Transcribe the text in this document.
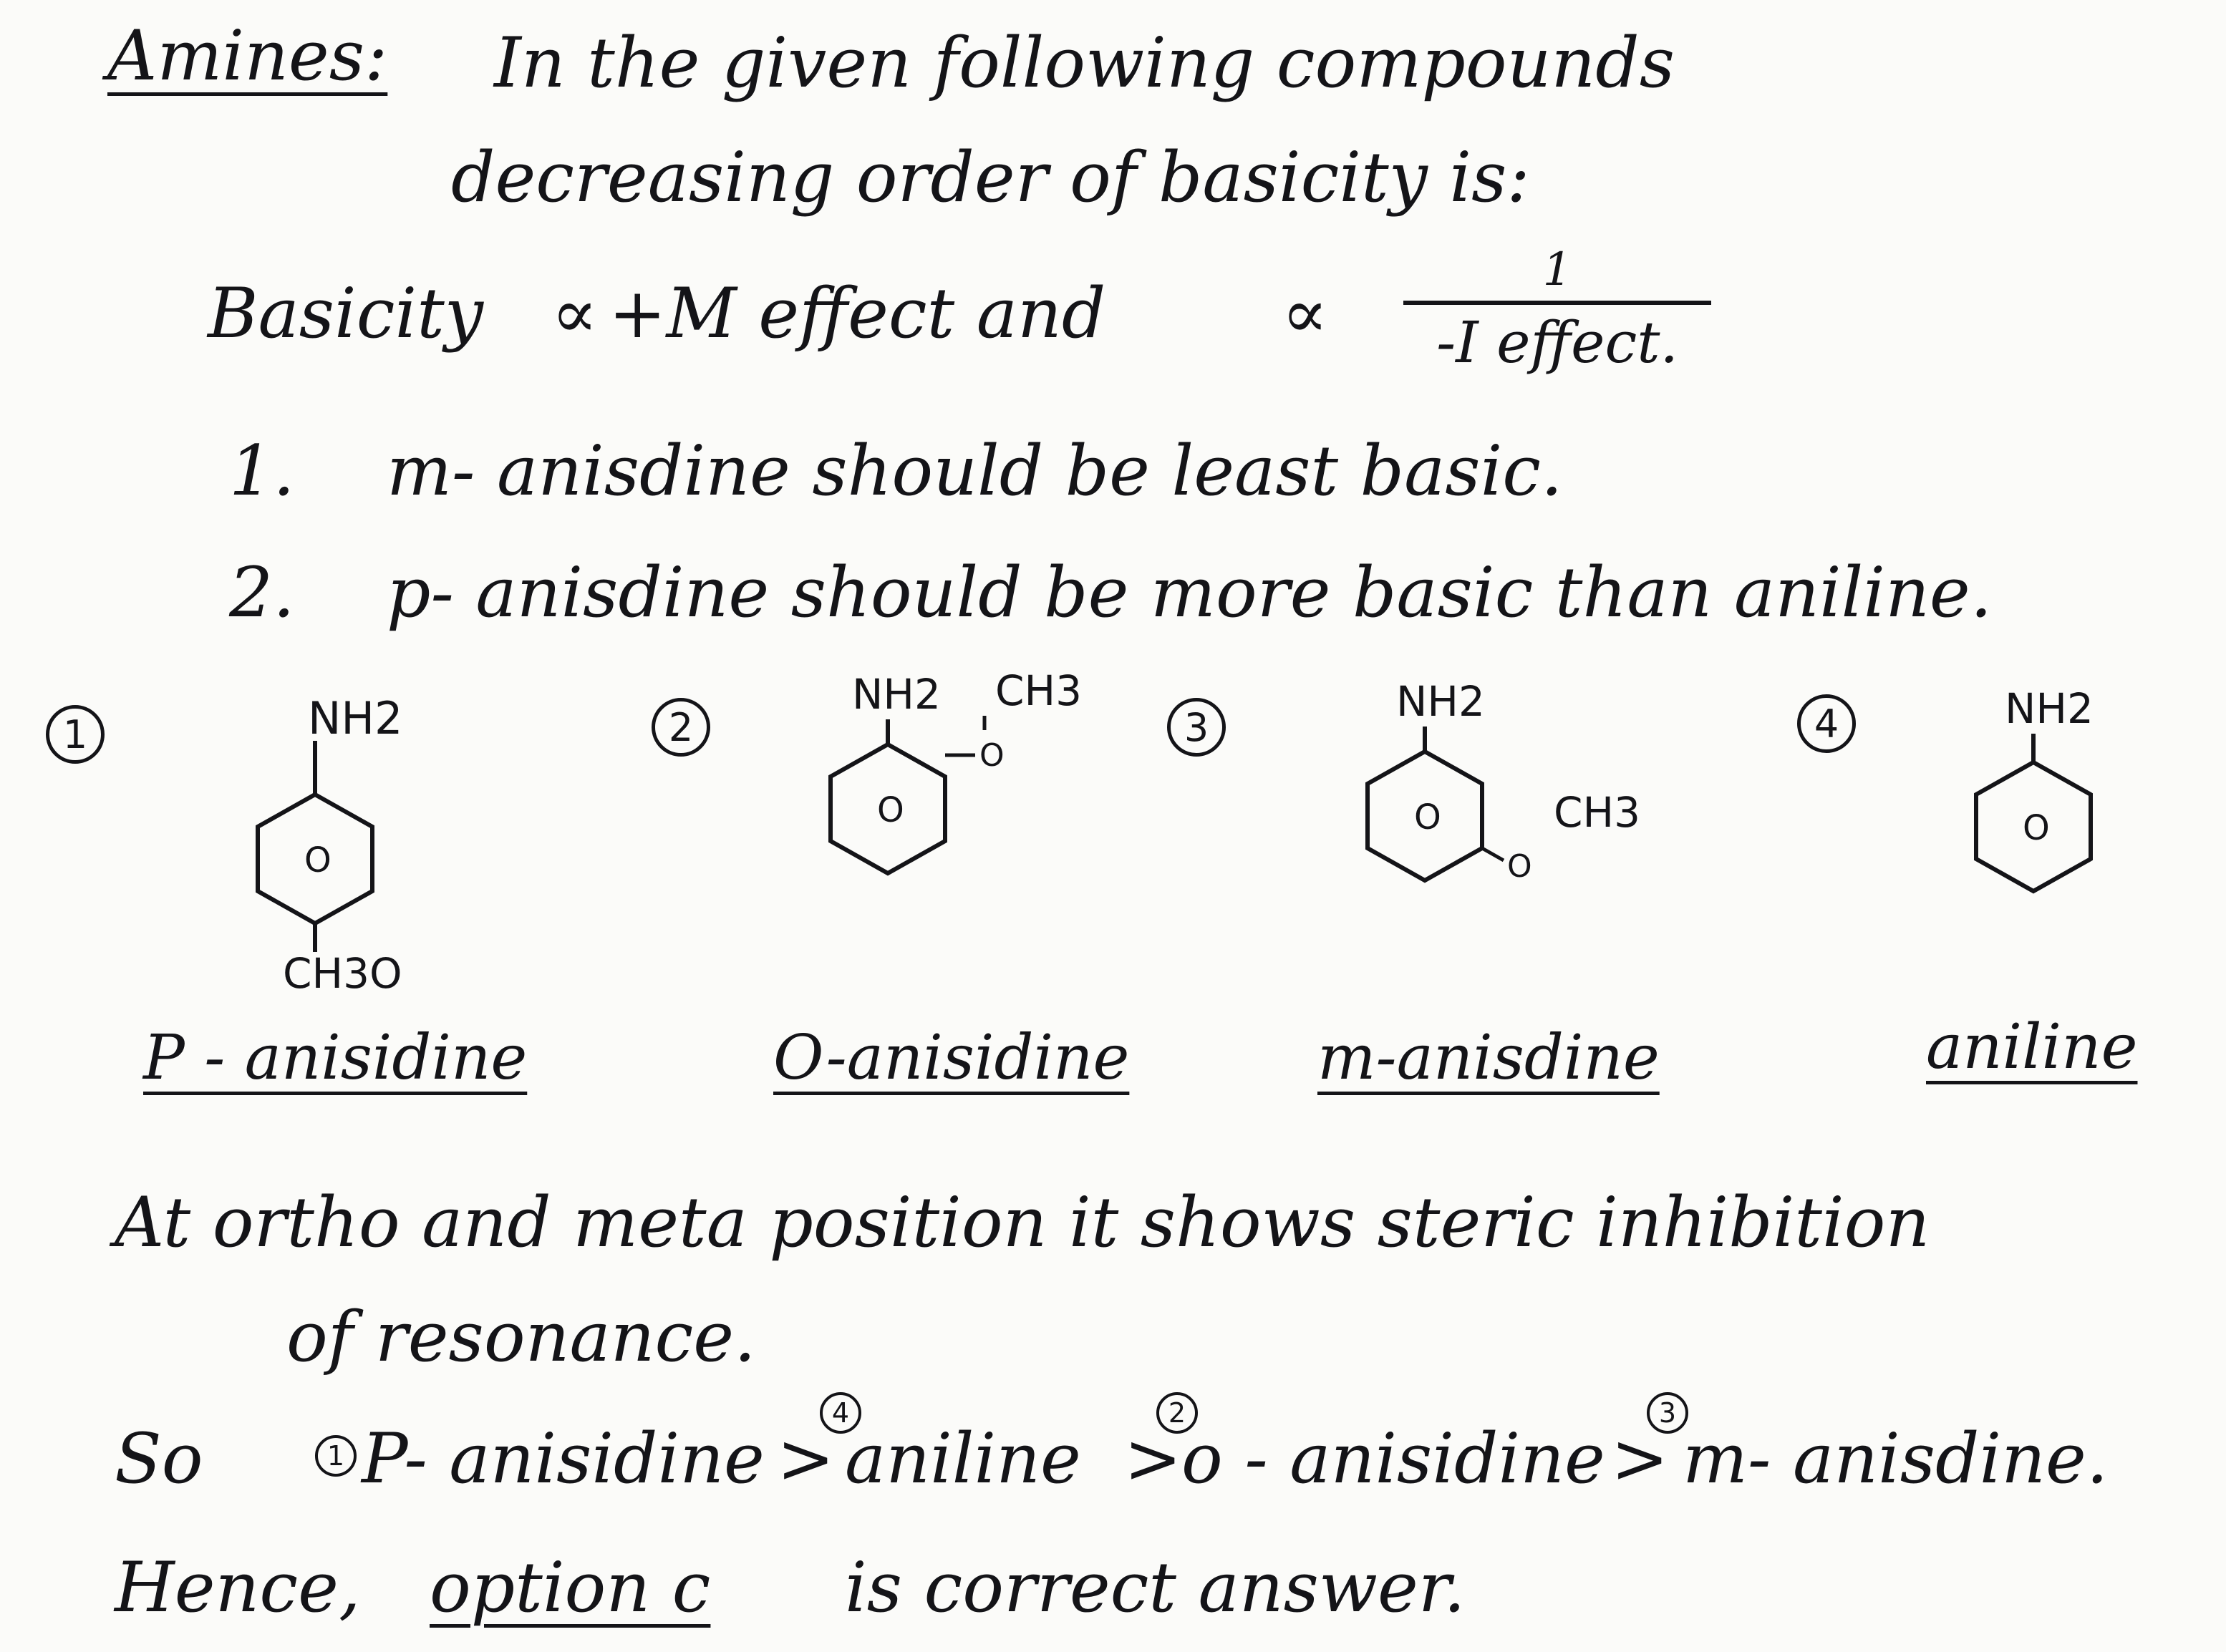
Amines: In the given following compounds
decreasing order of basicity is:
Basicity ∝ +M effect and	∝
1
-I effect.
1. m- anisdine should be least basic.
2. p- anisdine should be more basic than aniline.
1	2	3	4
NH2
O
CH3O
P - anisidine
NH2 CH3
O
O
O-anisidine
NH2
O
O
CH3
m-anisdine
NH2
O
aniline
At ortho and meta position it shows steric inhibition
of resonance.
So	1 P- anisidine >
4
aniline >
2
o - anisidine >
3
m- anisdine.
Hence, option c is correct answer.
